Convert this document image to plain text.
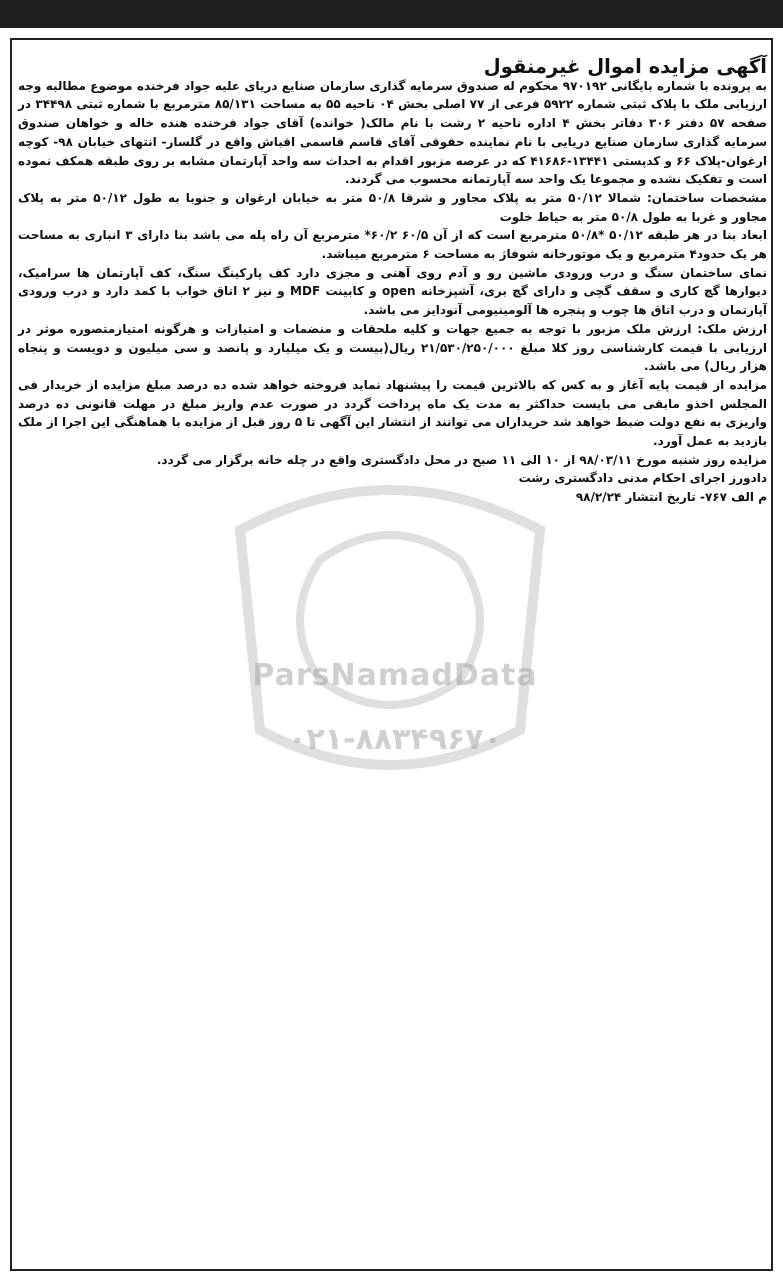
ParsNamadData
۰۲۱-۸۸۳۴۹۶۷۰

آگهی مزایده اموال غیرمنقول

به پرونده با شماره بایگانی ۹۷۰۱۹۲ محکوم له صندوق سرمایه گذاری سازمان صنایع دریای علیه جواد فرخنده موضوع مطالبه وجه ارزیابی ملک با پلاک ثبتی شماره ۵۹۲۲ فرعی از ۷۷ اصلی بخش ۰۴ ناحیه ۵۵ به مساحت ۸۵/۱۳۱ مترمربع با شماره ثبتی ۳۴۴۹۸ در صفحه ۵۷ دفتر ۳۰۶ دفاتر بخش ۴ اداره ناحیه ۲ رشت با نام مالک( خوانده) آقای جواد فرخنده هنده خاله و خواهان صندوق سرمایه گذاری سازمان صنایع دریایی با نام نماینده حقوقی آقای قاسم قاسمی اقباش واقع در گلسار- انتهای خیابان ۹۸- کوچه ارغوان-پلاک ۶۶ و کدپستی ۱۳۴۴۱-۴۱۶۸۶ که در عرصه مزبور اقدام به احداث سه واحد آپارتمان مشابه بر روی طبقه همکف نموده است و تفکیک نشده و مجموعا یک واحد سه آپارتمانه محسوب می گردند.

مشخصات ساختمان: شمالا ۵۰/۱۲ متر به پلاک مجاور و شرقا ۵۰/۸ متر به خیابان ارغوان و جنوبا به طول ۵۰/۱۲ متر به پلاک مجاور و غربا به طول ۵۰/۸ متر به حیاط خلوت

ابعاد بنا در هر طبقه ۵۰/۱۲ *۵۰/۸ مترمربع است که از آن ۶۰/۵ ۶۰/۲* مترمربع آن راه پله می باشد بنا دارای ۳ انباری به مساحت هر یک حدود۴ مترمربع و یک موتورخانه شوفاژ به مساحت ۶ مترمربع میباشد.

نمای ساختمان سنگ و درب ورودی ماشین رو و آدم روی آهنی و مجزی دارد کف پارکینگ سنگ، کف آپارتمان ها سرامیک، دیوارها گچ کاری و سقف گچی و دارای گچ بری، آشپزخانه open و کابینت MDF و نیز ۲ اتاق خواب با کمد دارد و درب ورودی آپارتمان و درب اتاق ها چوب و پنجره ها آلومینیومی آنودایز می باشد.

ارزش ملک: ارزش ملک مزبور با توجه به جمیع جهات و کلیه ملحقات و منضمات و امتیازات و هرگونه امتیازمتصوره موثر در ارزیابی با قیمت کارشناسی روز کلا مبلغ ۲۱/۵۳۰/۲۵۰/۰۰۰ ریال(بیست و یک میلیارد و پانصد و سی میلیون و دویست و پنجاه هزار ریال) می باشد.

مزایده از قیمت پایه آغاز و به کس که بالاترین قیمت را پیشنهاد نماید فروخته خواهد شده ده درصد مبلغ مزایده از خریدار فی المجلس اخذو مابقی می بایست حداکثر به مدت یک ماه پرداخت گردد در صورت عدم واریز مبلغ در مهلت قانونی ده درصد واریزی به نفع دولت ضبط خواهد شد خریداران می توانند از انتشار این آگهی تا ۵ روز قبل از مزایده با هماهنگی این اجرا از ملک بازدید به عمل آورد.

مزایده روز شنبه مورخ ۹۸/۰۳/۱۱ از ۱۰ الی ۱۱ صبح در محل دادگستری واقع در چله خانه برگزار می گردد.

دادورز اجرای احکام مدنی دادگستری رشت

م الف ۷۶۷- تاریخ انتشار ۹۸/۲/۲۴
